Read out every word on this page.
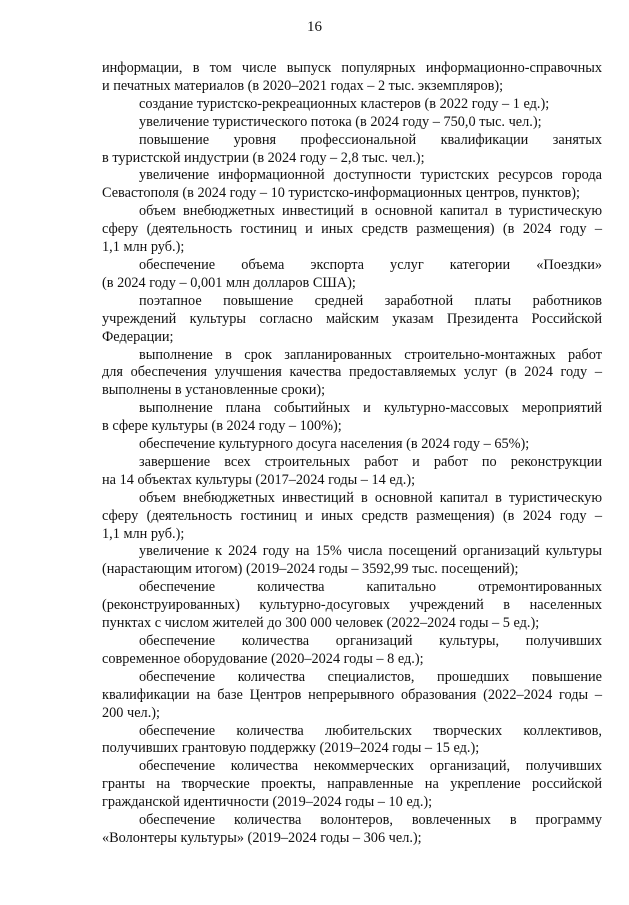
16
информации, в том числе выпуск популярных информационно-справочных
и печатных материалов (в 2020–2021 годах – 2 тыс. экземпляров);
создание туристско-рекреационных кластеров (в 2022 году – 1 ед.);
увеличение туристического потока (в 2024 году – 750,0 тыс. чел.);
повышение уровня профессиональной квалификации занятых
в туристской индустрии (в 2024 году – 2,8 тыс. чел.);
увеличение информационной доступности туристских ресурсов города
Севастополя (в 2024 году – 10 туристско-информационных центров, пунктов);
объем внебюджетных инвестиций в основной капитал в туристическую
сферу (деятельность гостиниц и иных средств размещения) (в 2024 году –
1,1 млн руб.);
обеспечение объема экспорта услуг категории «Поездки»
(в 2024 году – 0,001 млн долларов США);
поэтапное повышение средней заработной платы работников
учреждений культуры согласно майским указам Президента Российской
Федерации;
выполнение в срок запланированных строительно-монтажных работ
для обеспечения улучшения качества предоставляемых услуг (в 2024 году –
выполнены в установленные сроки);
выполнение плана событийных и культурно-массовых мероприятий
в сфере культуры (в 2024 году – 100%);
обеспечение культурного досуга населения (в 2024 году – 65%);
завершение всех строительных работ и работ по реконструкции
на 14 объектах культуры (2017–2024 годы – 14 ед.);
объем внебюджетных инвестиций в основной капитал в туристическую
сферу (деятельность гостиниц и иных средств размещения) (в 2024 году –
1,1 млн руб.);
увеличение к 2024 году на 15% числа посещений организаций культуры
(нарастающим итогом) (2019–2024 годы – 3592,99 тыс. посещений);
обеспечение количества капитально отремонтированных
(реконструированных) культурно-досуговых учреждений в населенных
пунктах с числом жителей до 300 000 человек (2022–2024 годы – 5 ед.);
обеспечение количества организаций культуры, получивших
современное оборудование (2020–2024 годы – 8 ед.);
обеспечение количества специалистов, прошедших повышение
квалификации на базе Центров непрерывного образования (2022–2024 годы –
200 чел.);
обеспечение количества любительских творческих коллективов,
получивших грантовую поддержку (2019–2024 годы – 15 ед.);
обеспечение количества некоммерческих организаций, получивших
гранты на творческие проекты, направленные на укрепление российской
гражданской идентичности (2019–2024 годы – 10 ед.);
обеспечение количества волонтеров, вовлеченных в программу
«Волонтеры культуры» (2019–2024 годы – 306 чел.);
